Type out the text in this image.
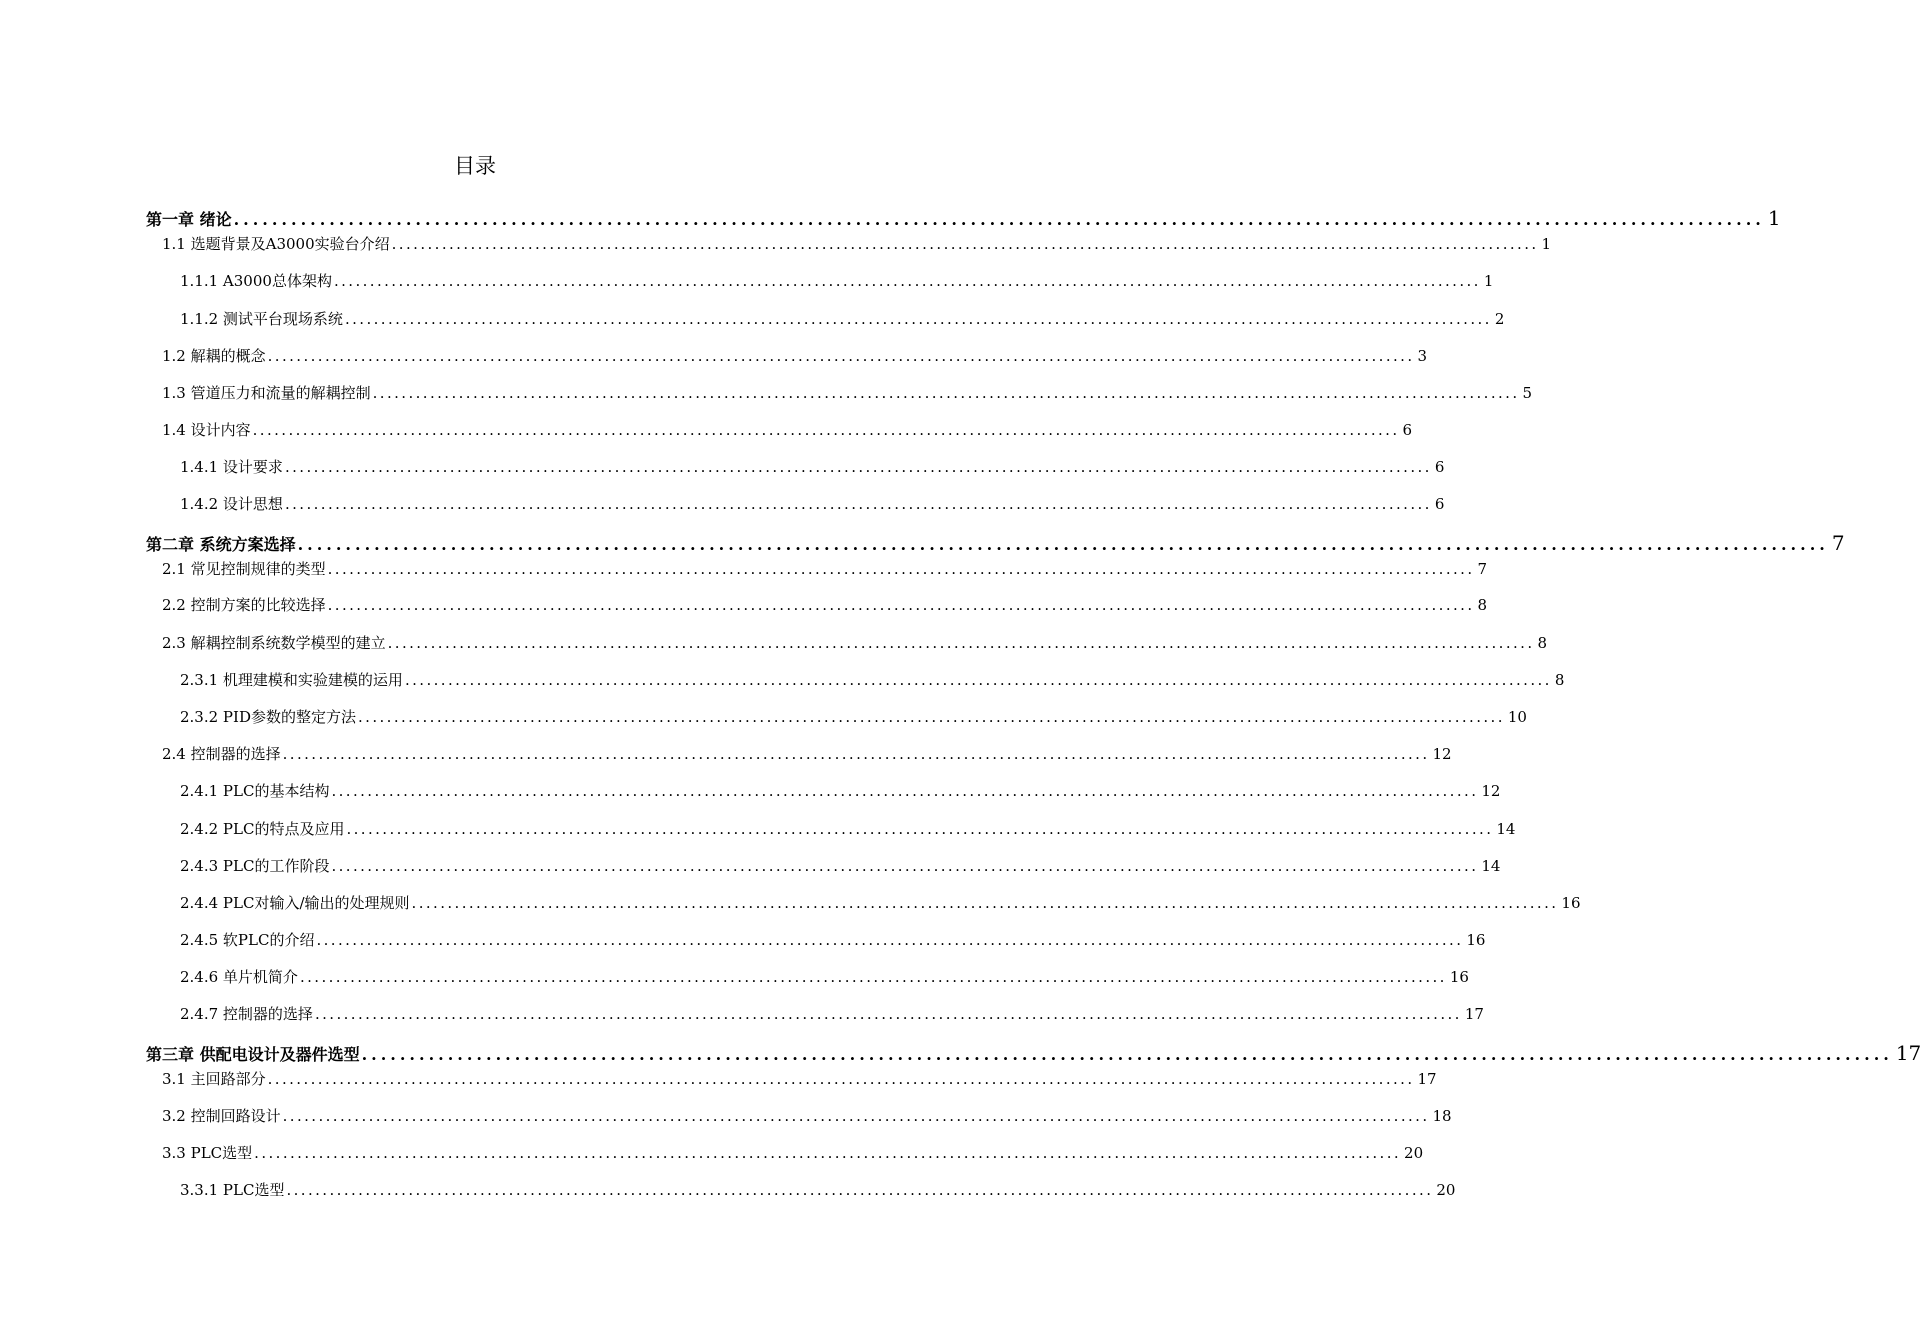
目录
第一章 绪论 ................................................................................................................................................................ 1
1.1 选题背景及A3000实验台介绍 ................................................................................................................................................................ 1
1.1.1 A3000总体架构 ................................................................................................................................................................ 1
1.1.2 测试平台现场系统 ................................................................................................................................................................ 2
1.2 解耦的概念 ................................................................................................................................................................ 3
1.3 管道压力和流量的解耦控制 ................................................................................................................................................................ 5
1.4 设计内容 ................................................................................................................................................................ 6
1.4.1 设计要求 ................................................................................................................................................................ 6
1.4.2 设计思想 ................................................................................................................................................................ 6
第二章 系统方案选择 ................................................................................................................................................................ 7
2.1 常见控制规律的类型 ................................................................................................................................................................ 7
2.2 控制方案的比较选择 ................................................................................................................................................................ 8
2.3 解耦控制系统数学模型的建立 ................................................................................................................................................................ 8
2.3.1 机理建模和实验建模的运用 ................................................................................................................................................................ 8
2.3.2 PID参数的整定方法 ................................................................................................................................................................ 10
2.4 控制器的选择 ................................................................................................................................................................ 12
2.4.1 PLC的基本结构 ................................................................................................................................................................ 12
2.4.2 PLC的特点及应用 ................................................................................................................................................................ 14
2.4.3 PLC的工作阶段 ................................................................................................................................................................ 14
2.4.4 PLC对输入/输出的处理规则 ................................................................................................................................................................ 16
2.4.5 软PLC的介绍 ................................................................................................................................................................ 16
2.4.6 单片机简介 ................................................................................................................................................................ 16
2.4.7 控制器的选择 ................................................................................................................................................................ 17
第三章 供配电设计及器件选型 ................................................................................................................................................................ 17
3.1 主回路部分 ................................................................................................................................................................ 17
3.2 控制回路设计 ................................................................................................................................................................ 18
3.3 PLC选型 ................................................................................................................................................................ 20
3.3.1 PLC选型 ................................................................................................................................................................ 20
